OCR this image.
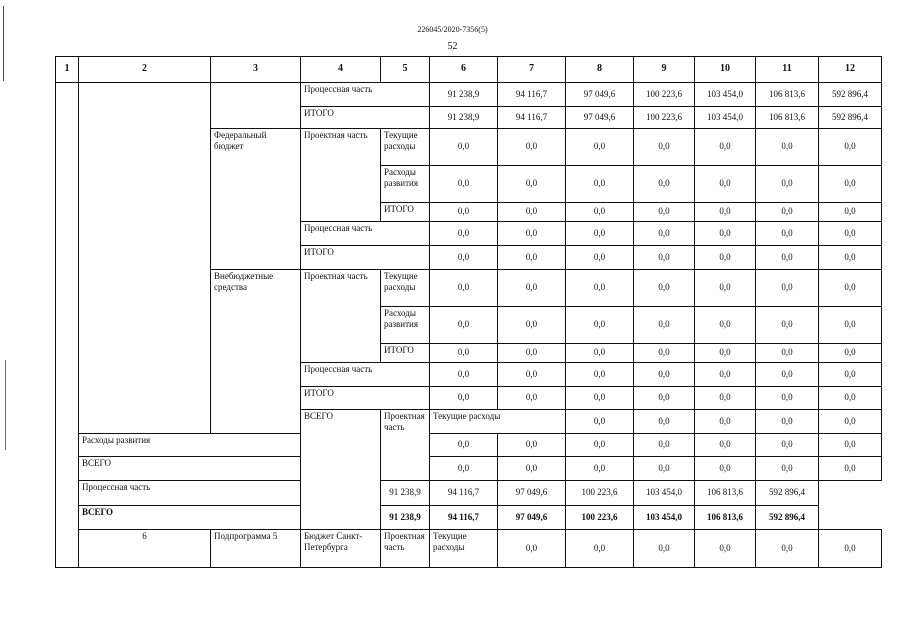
226045/2020-7356(5)
52
1	2	3	4	5	6	7	8	9	10	11	12	
			Процессная часть		91 238,9	94 116,7	97 049,6	100 223,6	103 454,0	106 813,6	592 896,4	
			ИТОГО		91 238,9	94 116,7	97 049,6	100 223,6	103 454,0	106 813,6	592 896,4	
		Федеральный бюджет	Проектная часть	Текущие расходы	0,0	0,0	0,0	0,0	0,0	0,0	0,0	
				Расходы развития	0,0	0,0	0,0	0,0	0,0	0,0	0,0	
				ИТОГО	0,0	0,0	0,0	0,0	0,0	0,0	0,0	
			Процессная часть		0,0	0,0	0,0	0,0	0,0	0,0	0,0	
			ИТОГО		0,0	0,0	0,0	0,0	0,0	0,0	0,0	
		Внебюджетные средства	Проектная часть	Текущие расходы	0,0	0,0	0,0	0,0	0,0	0,0	0,0	
				Расходы развития	0,0	0,0	0,0	0,0	0,0	0,0	0,0	
				ИТОГО	0,0	0,0	0,0	0,0	0,0	0,0	0,0	
			Процессная часть		0,0	0,0	0,0	0,0	0,0	0,0	0,0	
			ИТОГО		0,0	0,0	0,0	0,0	0,0	0,0	0,0	
			ВСЕГО	Проектная часть	Текущие расходы		0,0	0,0	0,0	0,0	0,0		
	Расходы развития				0,0	0,0	0,0	0,0	0,0	0,0	0,0	
	ВСЕГО				0,0	0,0	0,0	0,0	0,0	0,0	0,0	
	Процессная часть			91 238,9	94 116,7	97 049,6	100 223,6	103 454,0	106 813,6	592 896,4		
	ВСЕГО			91 238,9	94 116,7	97 049,6	100 223,6	103 454,0	106 813,6	592 896,4		
	6	Подпрограмма 5	Бюджет Санкт-Петербурга	Проектная часть	Текущие расходы	0,0	0,0	0,0	0,0	0,0	0,0	
